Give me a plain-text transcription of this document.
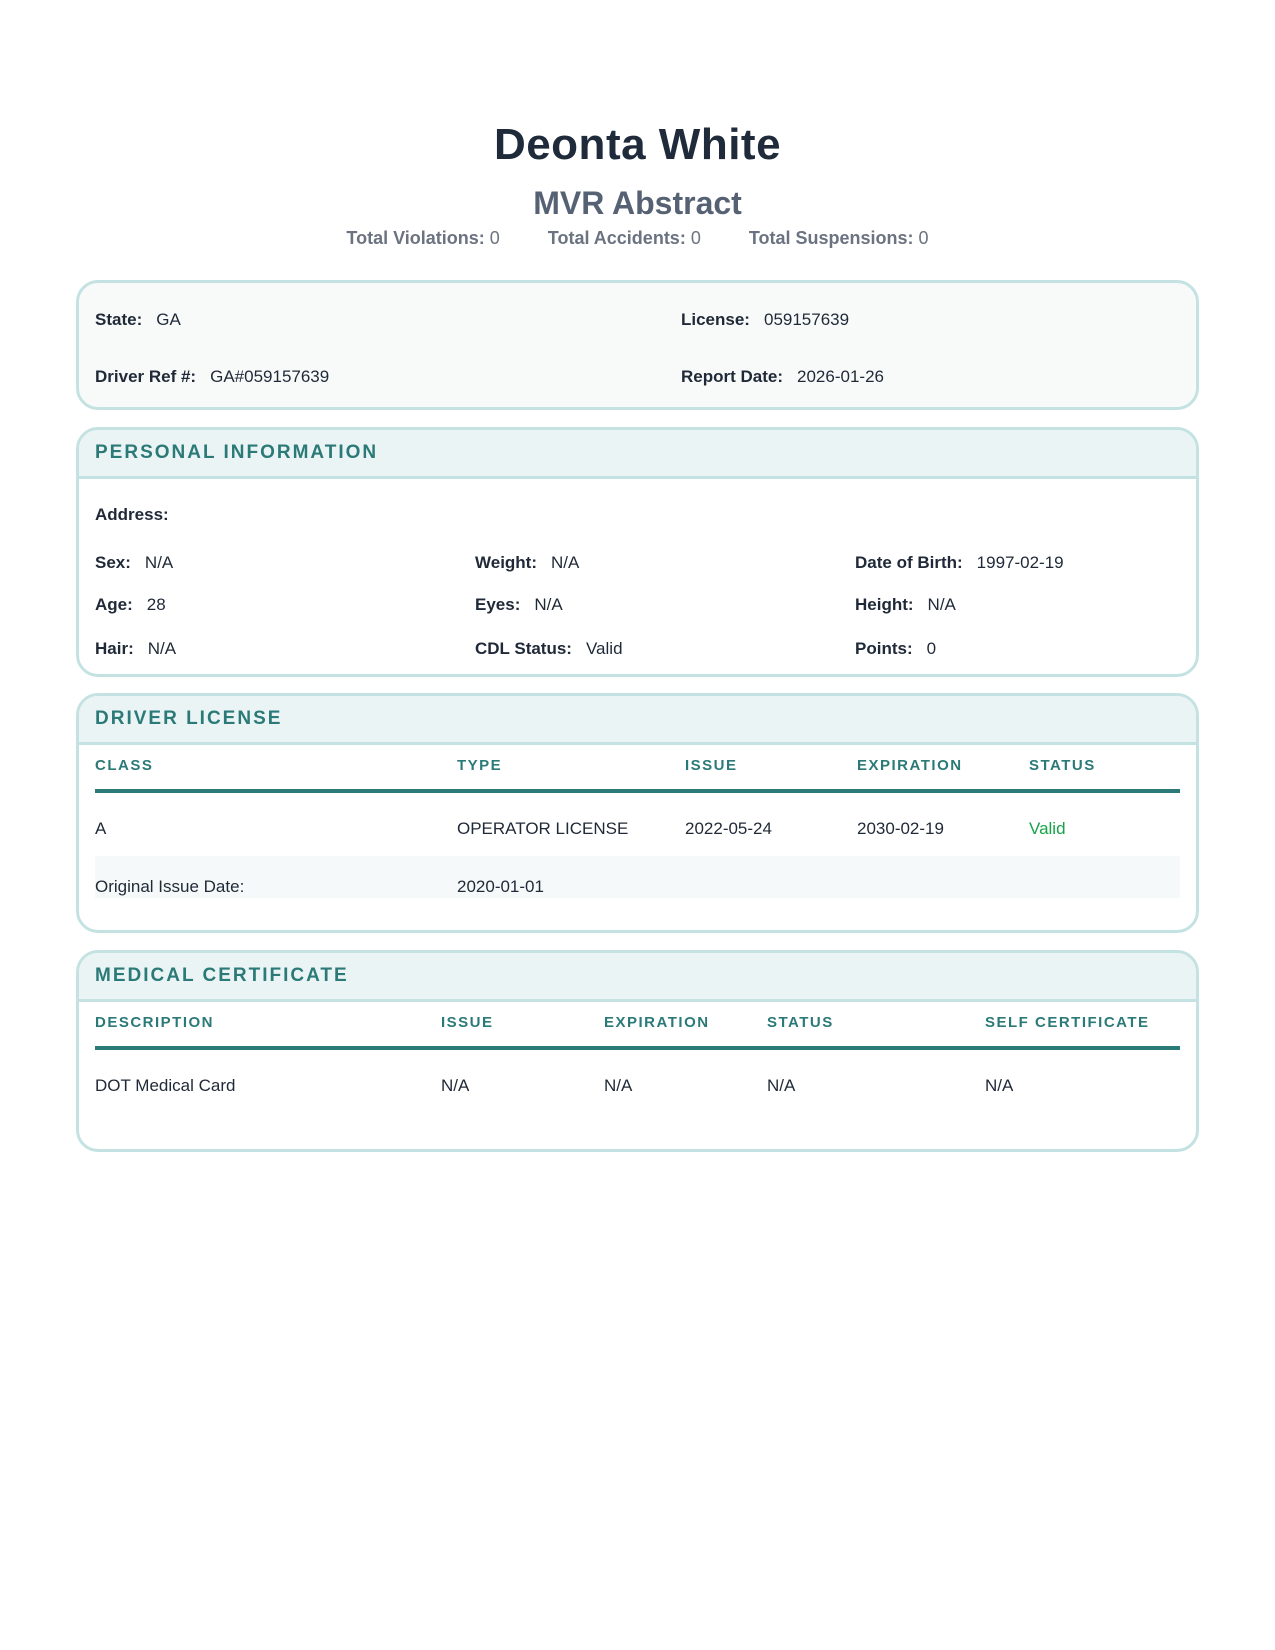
Deonta White
MVR Abstract
Total Violations: 0	Total Accidents: 0	Total Suspensions: 0
State: GA	License: 059157639
Driver Ref #: GA#059157639	Report Date: 2026-01-26
PERSONAL INFORMATION
Address:
Sex: N/A	Weight: N/A	Date of Birth: 1997-02-19
Age: 28	Eyes: N/A	Height: N/A
Hair: N/A	CDL Status: Valid	Points: 0
DRIVER LICENSE
CLASS	TYPE	ISSUE	EXPIRATION	STATUS
A	OPERATOR LICENSE	2022-05-24	2030-02-19	Valid
Original Issue Date:	2020-01-01
MEDICAL CERTIFICATE
DESCRIPTION	ISSUE	EXPIRATION	STATUS	SELF CERTIFICATE
DOT Medical Card	N/A	N/A	N/A	N/A
